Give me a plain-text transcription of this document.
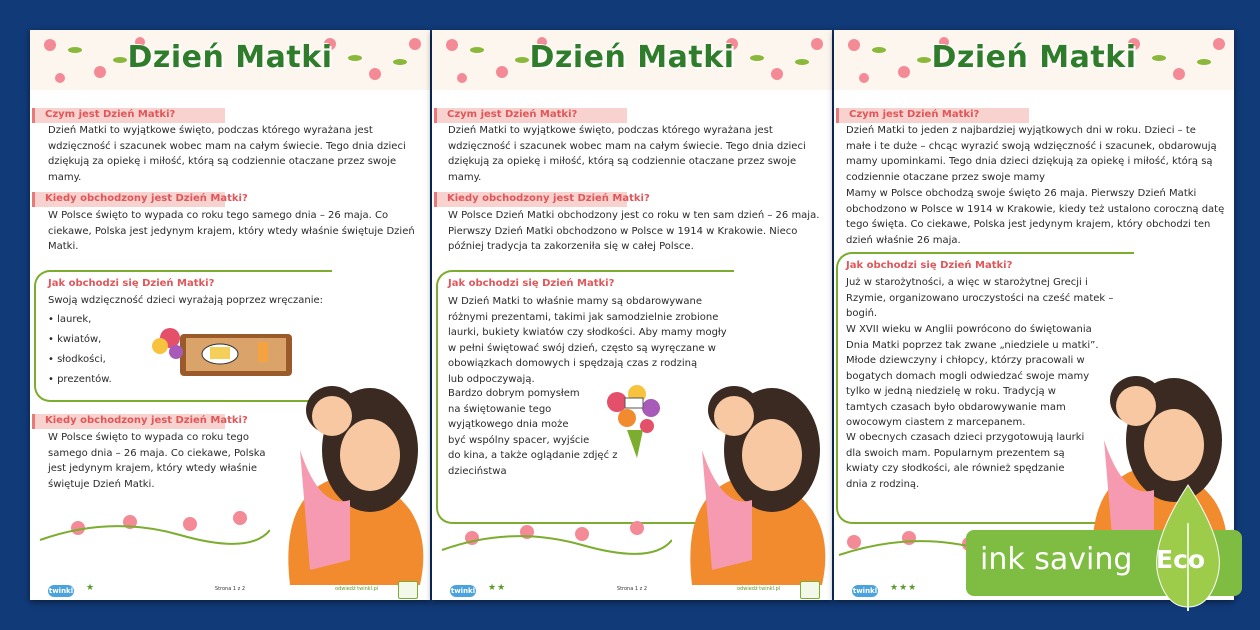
Dzień Matki
Czym jest Dzień Matki?
Dzień Matki to wyjątkowe święto, podczas którego wyrażana jest
wdzięczność i szacunek wobec mam na całym świecie. Tego dnia dzieci
dziękują za opiekę i miłość, którą są codziennie otaczane przez swoje
mamy.
Kiedy obchodzony jest Dzień Matki?
W Polsce święto to wypada co roku tego samego dnia – 26 maja. Co
ciekawe, Polska jest jedynym krajem, który wtedy właśnie świętuje Dzień
Matki.
Jak obchodzi się Dzień Matki?
Swoją wdzięczność dzieci wyrażają poprzez wręczanie:
• laurek,
• kwiatów,
• słodkości,
• prezentów.
Kiedy obchodzony jest Dzień Matki?
W Polsce święto to wypada co roku tego
samego dnia – 26 maja. Co ciekawe, Polska
jest jedynym krajem, który wtedy właśnie
świętuje Dzień Matki.
twinkl ★	Strona 1 z 2	odwiedź twinkl.pl
Dzień Matki
Czym jest Dzień Matki?
Dzień Matki to wyjątkowe święto, podczas którego wyrażana jest
wdzięczność i szacunek wobec mam na całym świecie. Tego dnia dzieci
dziękują za opiekę i miłość, którą są codziennie otaczane przez swoje
mamy.
Kiedy obchodzony jest Dzień Matki?
W Polsce Dzień Matki obchodzony jest co roku w ten sam dzień – 26 maja.
Pierwszy Dzień Matki obchodzono w Polsce w 1914 w Krakowie. Nieco
później tradycja ta zakorzeniła się w całej Polsce.
Jak obchodzi się Dzień Matki?
W Dzień Matki to właśnie mamy są obdarowywane
różnymi prezentami, takimi jak samodzielnie zrobione
laurki, bukiety kwiatów czy słodkości. Aby mamy mogły
w pełni świętować swój dzień, często są wyręczane w
obowiązkach domowych i spędzają czas z rodziną
lub odpoczywają.
Bardzo dobrym pomysłem
na świętowanie tego
wyjątkowego dnia może
być wspólny spacer, wyjście
do kina, a także oglądanie zdjęć z
dzieciństwa
twinkl ★★	Strona 1 z 2	odwiedź twinkl.pl
Dzień Matki
Czym jest Dzień Matki?
Dzień Matki to jeden z najbardziej wyjątkowych dni w roku. Dzieci – te
małe i te duże – chcąc wyrazić swoją wdzięczność i szacunek, obdarowują
mamy upominkami. Tego dnia dzieci dziękują za opiekę i miłość, którą są
codziennie otaczane przez swoje mamy
Mamy w Polsce obchodzą swoje święto 26 maja. Pierwszy Dzień Matki
obchodzono w Polsce w 1914 w Krakowie, kiedy też ustalono coroczną datę
tego święta. Co ciekawe, Polska jest jedynym krajem, który obchodzi ten
dzień właśnie 26 maja.
Jak obchodzi się Dzień Matki?
Już w starożytności, a więc w starożytnej Grecji i
Rzymie, organizowano uroczystości na cześć matek –
bogiń.
W XVII wieku w Anglii powrócono do świętowania
Dnia Matki poprzez tak zwane „niedziele u matki”.
Młode dziewczyny i chłopcy, którzy pracowali w
bogatych domach mogli odwiedzać swoje mamy
tylko w jedną niedzielę w roku. Tradycją w
tamtych czasach było obdarowywanie mam
owocowym ciastem z marcepanem.
W obecnych czasach dzieci przygotowują laurki
dla swoich mam. Popularnym prezentem są
kwiaty czy słodkości, ale również spędzanie
dnia z rodziną.
twinkl ★★★
ink saving Eco
